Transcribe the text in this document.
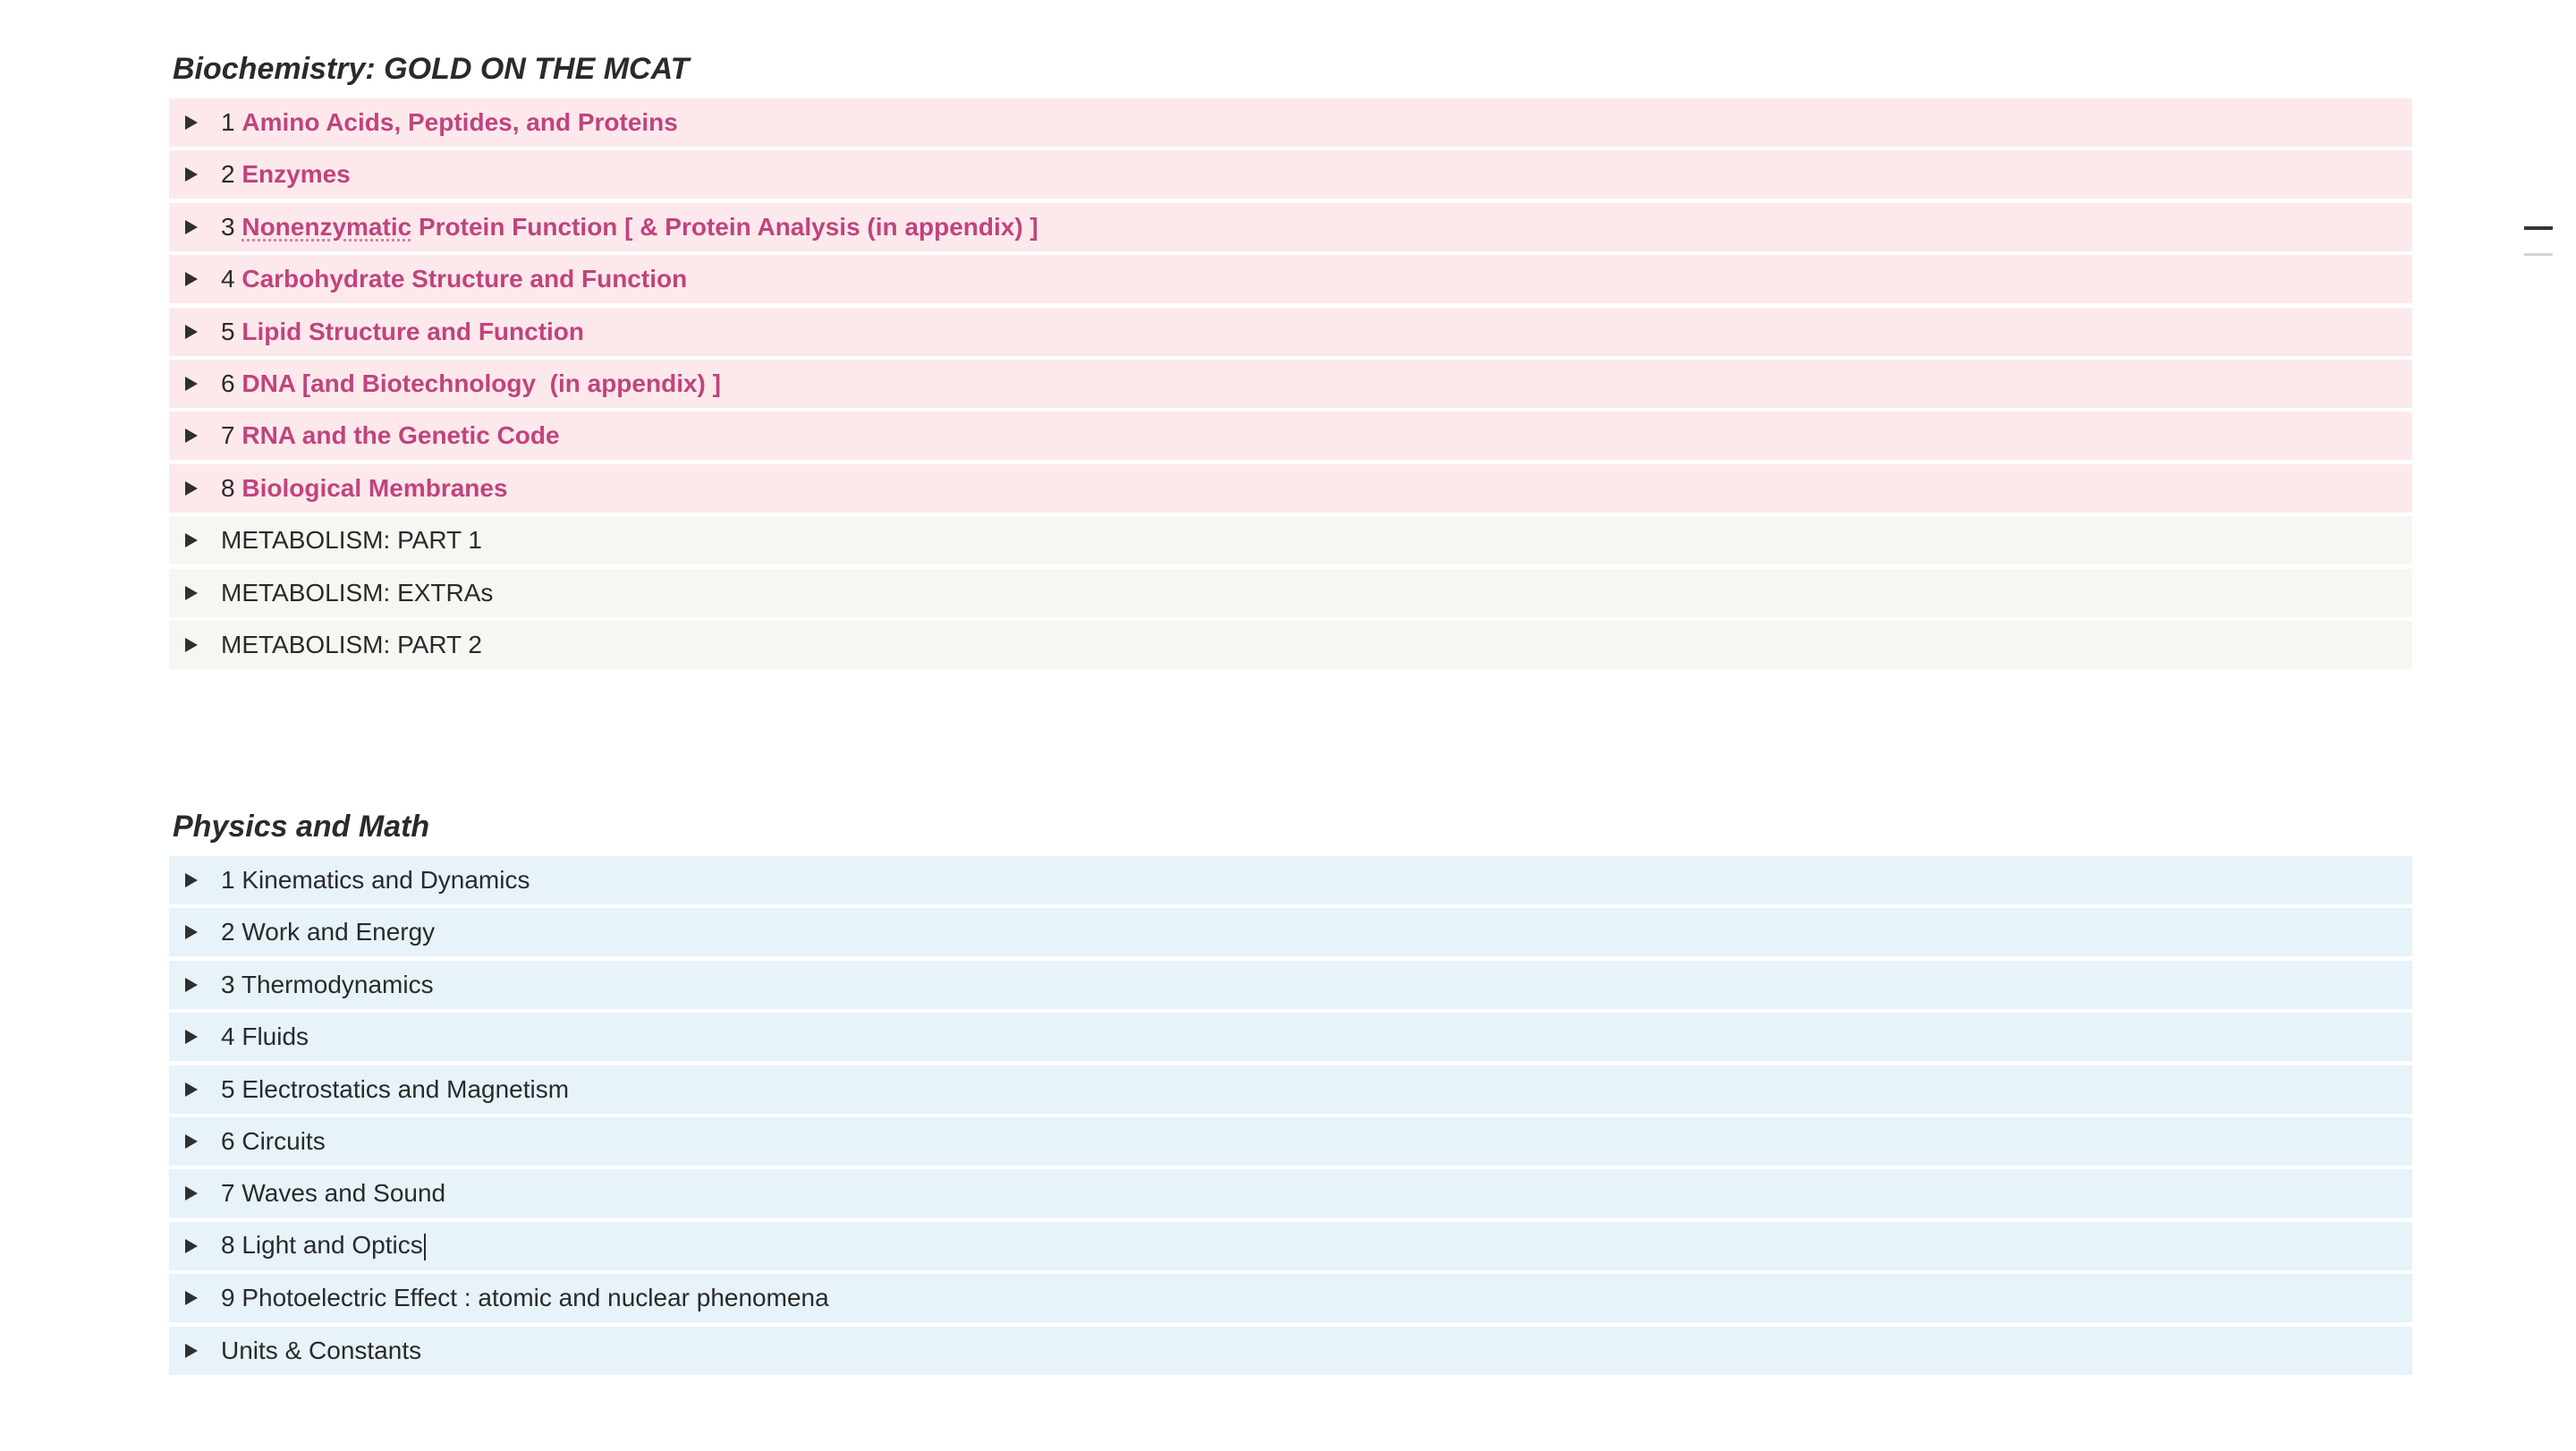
Biochemistry: GOLD ON THE MCAT
1 Amino Acids, Peptides, and Proteins
2 Enzymes
3 Nonenzymatic Protein Function [ & Protein Analysis (in appendix) ]
4 Carbohydrate Structure and Function
5 Lipid Structure and Function
6 DNA [and Biotechnology  (in appendix) ]
7 RNA and the Genetic Code
8 Biological Membranes
METABOLISM: PART 1
METABOLISM: EXTRAs
METABOLISM: PART 2
Physics and Math
1 Kinematics and Dynamics
2 Work and Energy
3 Thermodynamics
4 Fluids
5 Electrostatics and Magnetism
6 Circuits
7 Waves and Sound
8 Light and Optics
9 Photoelectric Effect : atomic and nuclear phenomena
Units & Constants
